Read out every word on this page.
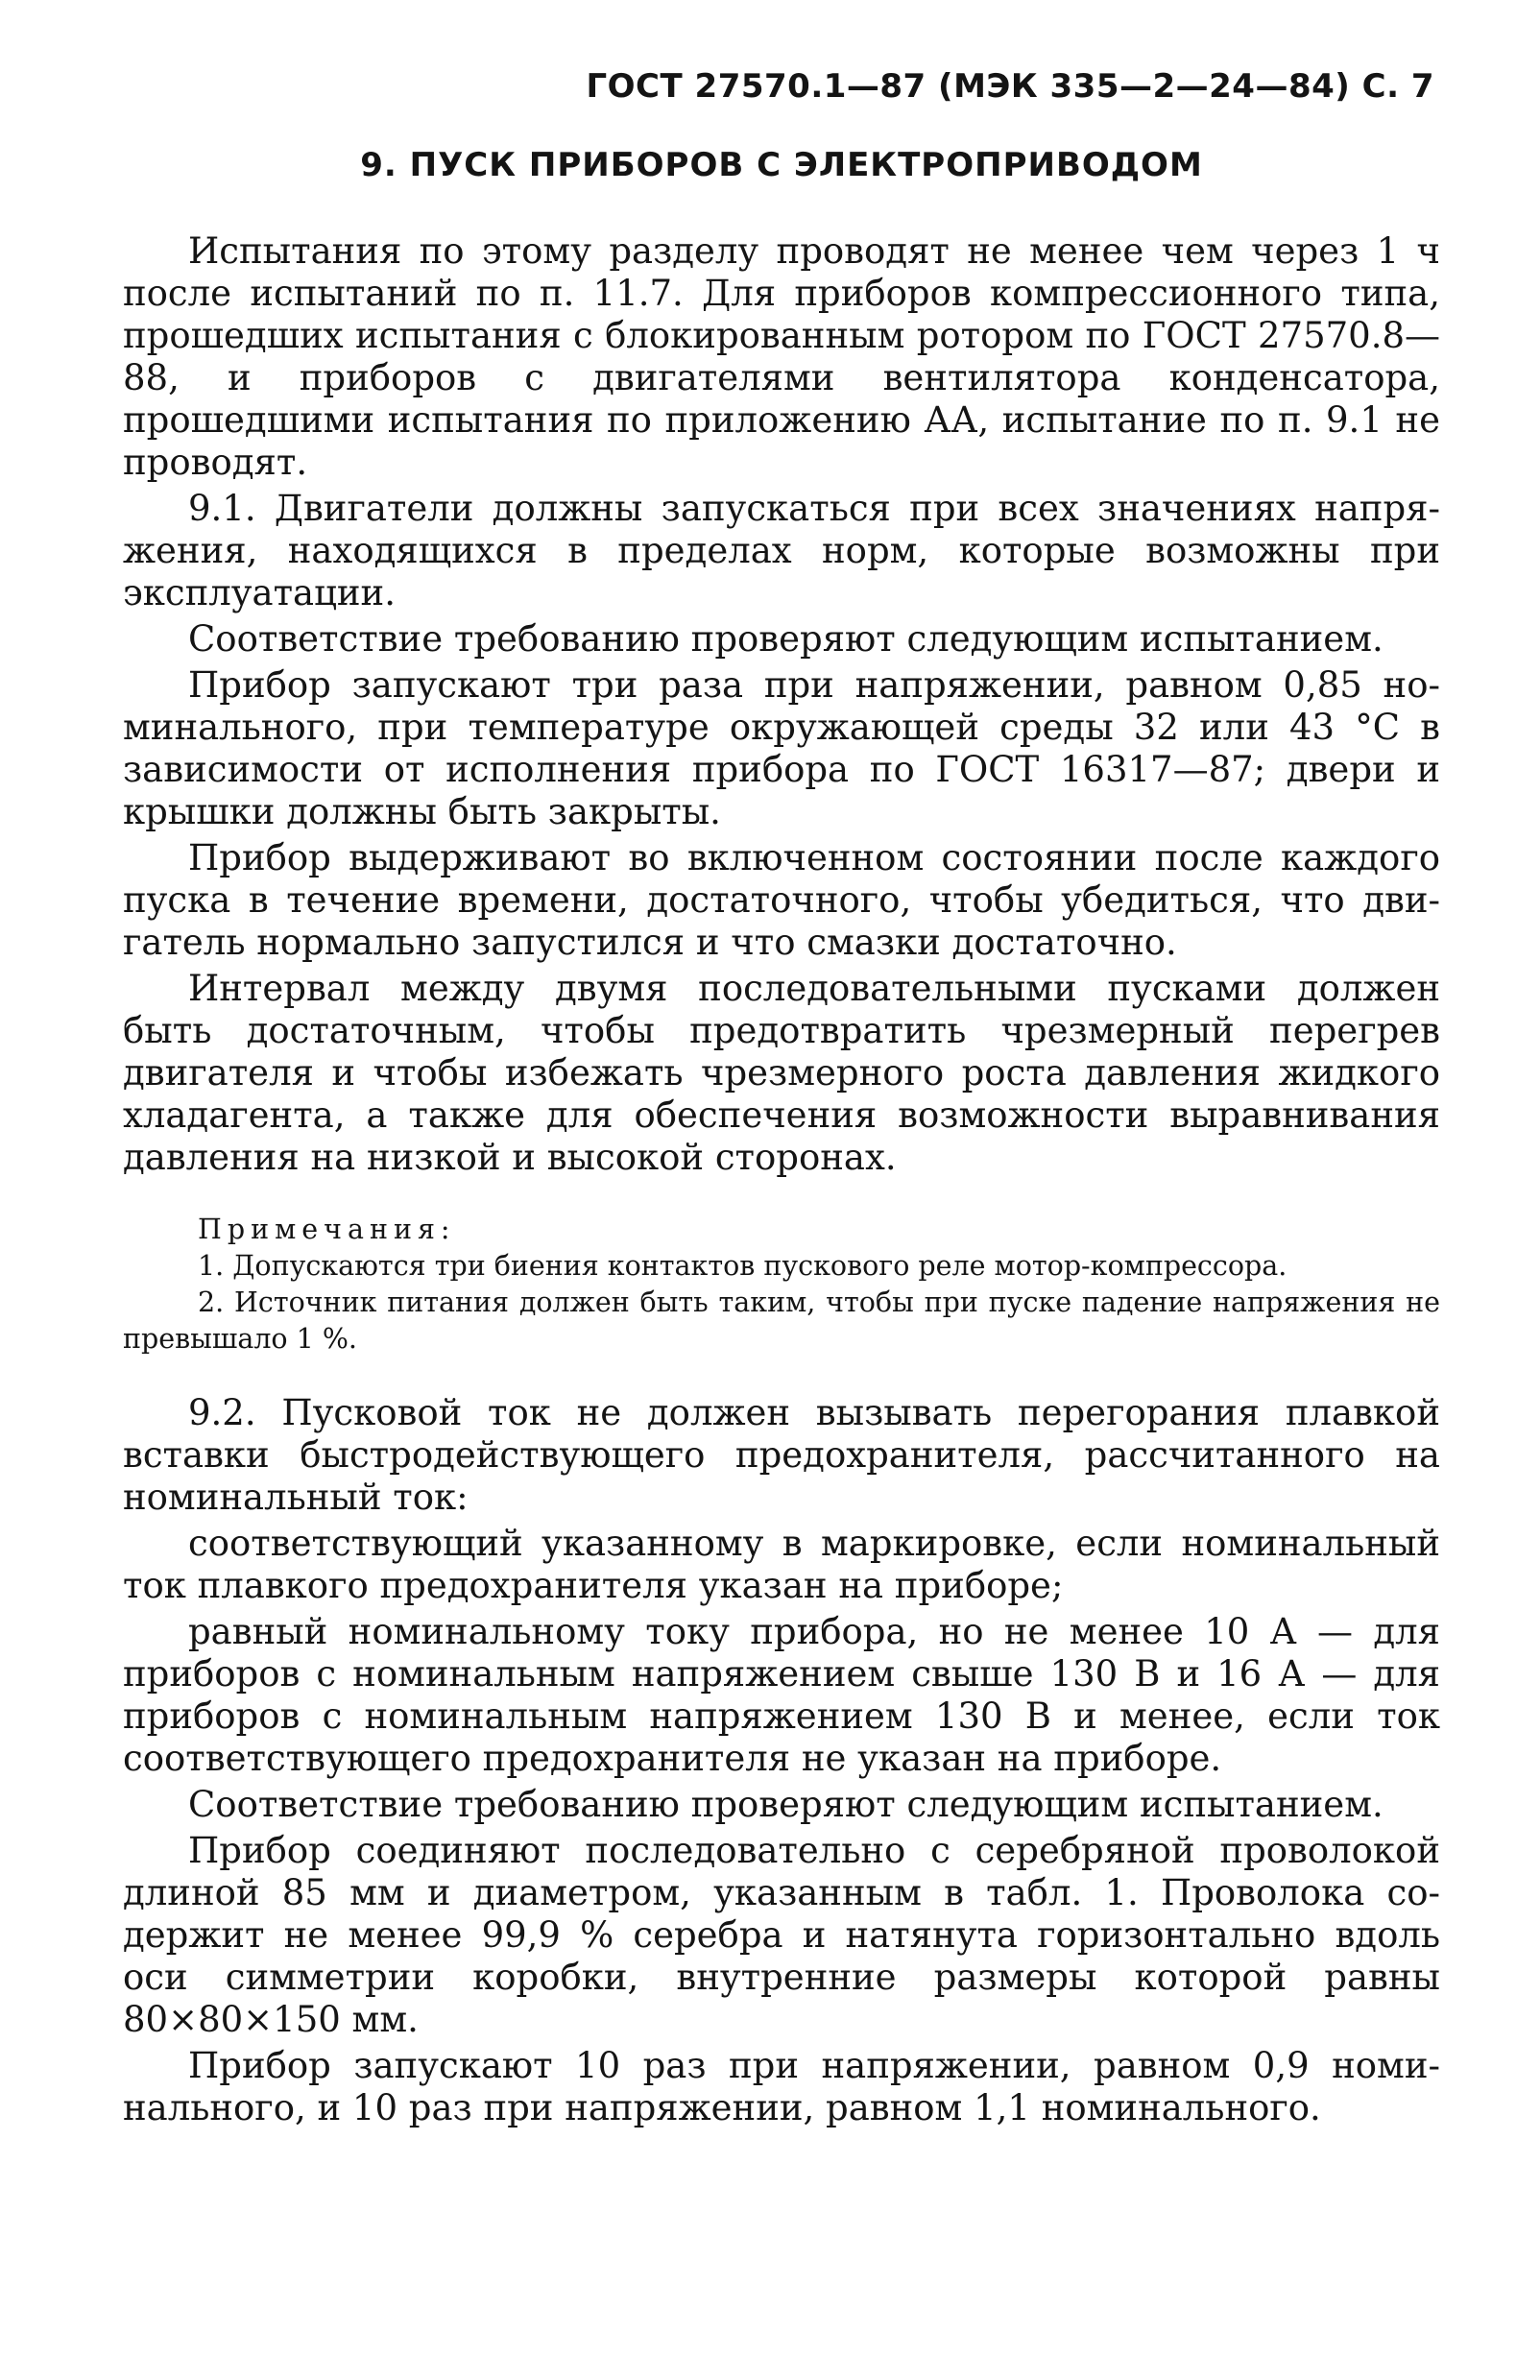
ГОСТ 27570.1—87 (МЭК 335—2—24—84) С. 7
9. ПУСК ПРИБОРОВ С ЭЛЕКТРОПРИВОДОМ

Испытания по этому разделу проводят не менее чем через 1 ч после испытаний по п. 11.7. Для приборов компрессионного типа, прошедших испытания с блокированным ротором по ГОСТ 27570.8—88, и приборов с двигателями вентилятора конденсатора, прошедшими испытания по приложению АА, испытание по п. 9.1 не проводят.

9.1. Двигатели должны запускаться при всех значениях напряжения, находящихся в пределах норм, которые возможны при эксплуатации.

Соответствие требованию проверяют следующим испытанием.

Прибор запускают три раза при напряжении, равном 0,85 номинального, при температуре окружающей среды 32 или 43 °С в зависимости от исполнения прибора по ГОСТ 16317—87; двери и крышки должны быть закрыты.

Прибор выдерживают во включенном состоянии после каждого пуска в течение времени, достаточного, чтобы убедиться, что двигатель нормально запустился и что смазки достаточно.

Интервал между двумя последовательными пусками должен быть достаточным, чтобы предотвратить чрезмерный перегрев двигателя и чтобы избежать чрезмерного роста давления жидкого хладагента, а также для обеспечения возможности выравнивания давления на низкой и высокой сторонах.

Примечания:

1. Допускаются три биения контактов пускового реле мотор-компрессора.

2. Источник питания должен быть таким, чтобы при пуске падение напряжения не превышало 1 %.

9.2. Пусковой ток не должен вызывать перегорания плавкой вставки быстродействующего предохранителя, рассчитанного на номинальный ток:

соответствующий указанному в маркировке, если номинальный ток плавкого предохранителя указан на приборе;

равный номинальному току прибора, но не менее 10 А — для приборов с номинальным напряжением свыше 130 В и 16 А — для приборов с номинальным напряжением 130 В и менее, если ток соответствующего предохранителя не указан на приборе.

Соответствие требованию проверяют следующим испытанием.

Прибор соединяют последовательно с серебряной проволокой длиной 85 мм и диаметром, указанным в табл. 1. Проволока содержит не менее 99,9 % серебра и натянута горизонтально вдоль оси симметрии коробки, внутренние размеры которой равны 80×80×150 мм.

Прибор запускают 10 раз при напряжении, равном 0,9 номинального, и 10 раз при напряжении, равном 1,1 номинального.
